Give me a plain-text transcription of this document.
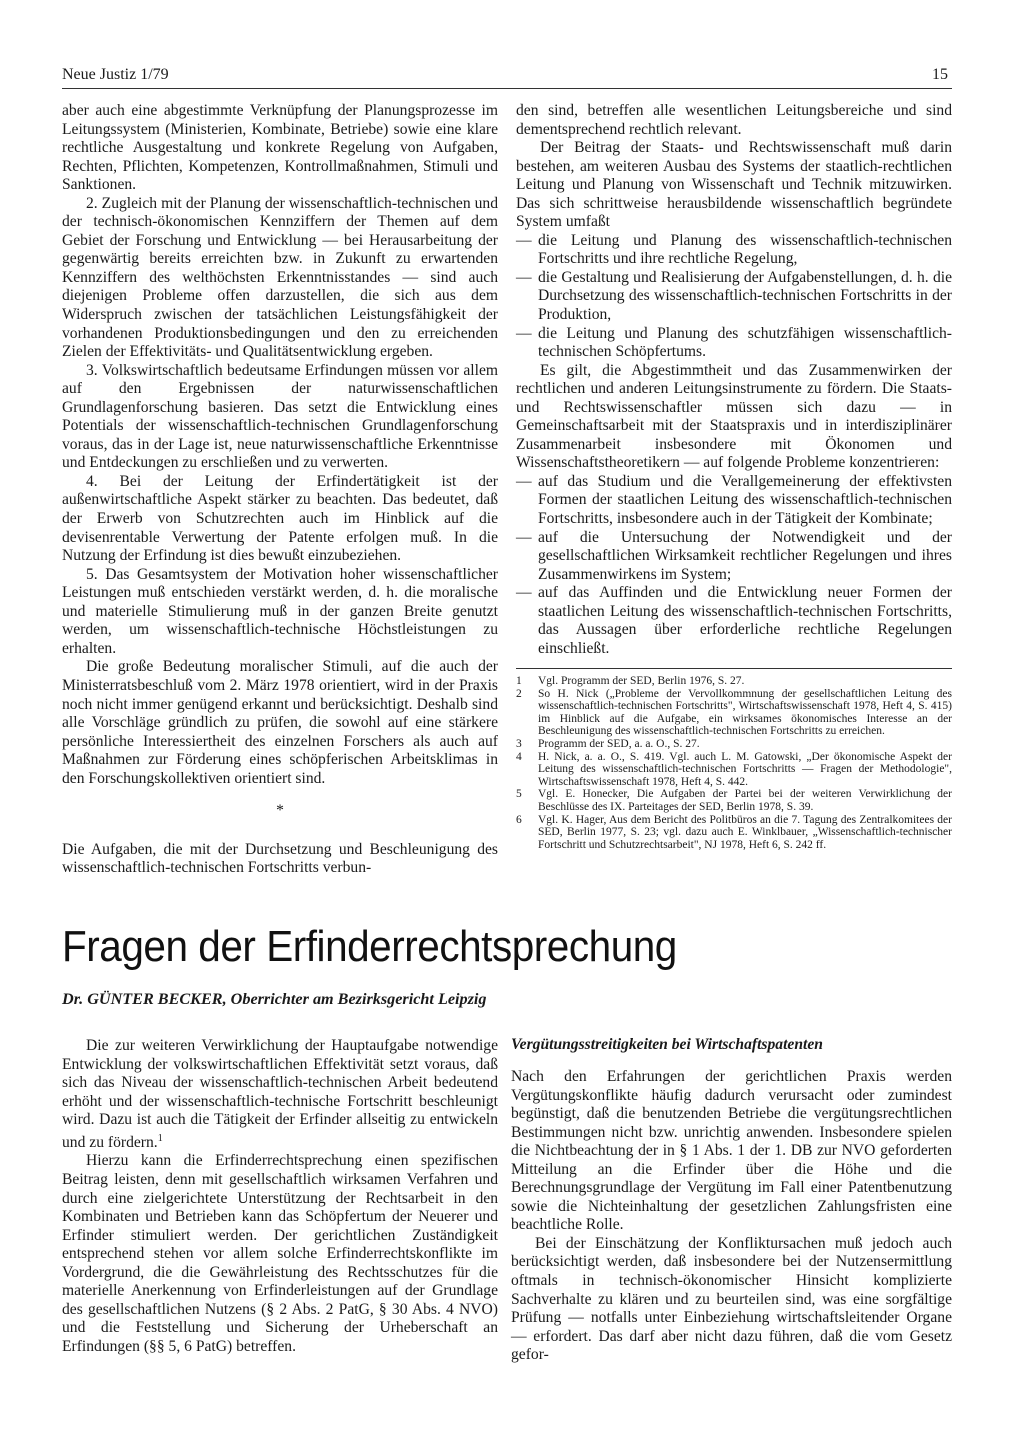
Neue Justiz 1/79	15

aber auch eine abgestimmte Verknüpfung der Planungsprozesse im Leitungssystem (Ministerien, Kombinate, Betriebe) sowie eine klare rechtliche Ausgestaltung und konkrete Regelung von Aufgaben, Rechten, Pflichten, Kompetenzen, Kontrollmaßnahmen, Stimuli und Sanktionen.

2. Zugleich mit der Planung der wissenschaftlich-technischen und der technisch-ökonomischen Kennziffern der Themen auf dem Gebiet der Forschung und Entwicklung — bei Herausarbeitung der gegenwärtig bereits erreichten bzw. in Zukunft zu erwartenden Kennziffern des welthöchsten Erkenntnisstandes — sind auch diejenigen Probleme offen darzustellen, die sich aus dem Widerspruch zwischen der tatsächlichen Leistungsfähigkeit der vorhandenen Produktionsbedingungen und den zu erreichenden Zielen der Effektivitäts- und Qualitätsentwicklung ergeben.

3. Volkswirtschaftlich bedeutsame Erfindungen müssen vor allem auf den Ergebnissen der naturwissenschaftlichen Grundlagenforschung basieren. Das setzt die Entwicklung eines Potentials der wissenschaftlich-technischen Grundlagenforschung voraus, das in der Lage ist, neue naturwissenschaftliche Erkenntnisse und Entdeckungen zu erschließen und zu verwerten.

4. Bei der Leitung der Erfindertätigkeit ist der außenwirtschaftliche Aspekt stärker zu beachten. Das bedeutet, daß der Erwerb von Schutzrechten auch im Hinblick auf die devisenrentable Verwertung der Patente erfolgen muß. In die Nutzung der Erfindung ist dies bewußt einzubeziehen.

5. Das Gesamtsystem der Motivation hoher wissenschaftlicher Leistungen muß entschieden verstärkt werden, d. h. die moralische und materielle Stimulierung muß in der ganzen Breite genutzt werden, um wissenschaftlich-technische Höchstleistungen zu erhalten.

Die große Bedeutung moralischer Stimuli, auf die auch der Ministerratsbeschluß vom 2. März 1978 orientiert, wird in der Praxis noch nicht immer genügend erkannt und berücksichtigt. Deshalb sind alle Vorschläge gründlich zu prüfen, die sowohl auf eine stärkere persönliche Interessiertheit des einzelnen Forschers als auch auf Maßnahmen zur Förderung eines schöpferischen Arbeitsklimas in den Forschungskollektiven orientiert sind.

*

Die Aufgaben, die mit der Durchsetzung und Beschleunigung des wissenschaftlich-technischen Fortschritts verbun-

den sind, betreffen alle wesentlichen Leitungsbereiche und sind dementsprechend rechtlich relevant.

Der Beitrag der Staats- und Rechtswissenschaft muß darin bestehen, am weiteren Ausbau des Systems der staatlich-rechtlichen Leitung und Planung von Wissenschaft und Technik mitzuwirken. Das sich schrittweise herausbildende wissenschaftlich begründete System umfaßt

— die Leitung und Planung des wissenschaftlich-technischen Fortschritts und ihre rechtliche Regelung,
— die Gestaltung und Realisierung der Aufgabenstellungen, d. h. die Durchsetzung des wissenschaftlich-technischen Fortschritts in der Produktion,
— die Leitung und Planung des schutzfähigen wissenschaftlich-technischen Schöpfertums.

Es gilt, die Abgestimmtheit und das Zusammenwirken der rechtlichen und anderen Leitungsinstrumente zu fördern. Die Staats- und Rechtswissenschaftler müssen sich dazu — in Gemeinschaftsarbeit mit der Staatspraxis und in interdisziplinärer Zusammenarbeit insbesondere mit Ökonomen und Wissenschaftstheoretikern — auf folgende Probleme konzentrieren:

— auf das Studium und die Verallgemeinerung der effektivsten Formen der staatlichen Leitung des wissenschaftlich-technischen Fortschritts, insbesondere auch in der Tätigkeit der Kombinate;
— auf die Untersuchung der Notwendigkeit und der gesellschaftlichen Wirksamkeit rechtlicher Regelungen und ihres Zusammenwirkens im System;
— auf das Auffinden und die Entwicklung neuer Formen der staatlichen Leitung des wissenschaftlich-technischen Fortschritts, das Aussagen über erforderliche rechtliche Regelungen einschließt.
1 Vgl. Programm der SED, Berlin 1976, S. 27.
2 So H. Nick („Probleme der Vervollkommnung der gesellschaftlichen Leitung des wissenschaftlich-technischen Fortschritts", Wirtschaftswissenschaft 1978, Heft 4, S. 415) im Hinblick auf die Aufgabe, ein wirksames ökonomisches Interesse an der Beschleunigung des wissenschaftlich-technischen Fortschritts zu erreichen.
3 Programm der SED, a. a. O., S. 27.
4 H. Nick, a. a. O., S. 419. Vgl. auch L. M. Gatowski, „Der ökonomische Aspekt der Leitung des wissenschaftlich-technischen Fortschritts — Fragen der Methodologie", Wirtschaftswissenschaft 1978, Heft 4, S. 442.
5 Vgl. E. Honecker, Die Aufgaben der Partei bei der weiteren Verwirklichung der Beschlüsse des IX. Parteitages der SED, Berlin 1978, S. 39.
6 Vgl. K. Hager, Aus dem Bericht des Politbüros an die 7. Tagung des Zentralkomitees der SED, Berlin 1977, S. 23; vgl. dazu auch E. Winklbauer, „Wissenschaftlich-technischer Fortschritt und Schutzrechtsarbeit", NJ 1978, Heft 6, S. 242 ff.
Fragen der Erfinderrechtsprechung
Dr. GÜNTER BECKER, Oberrichter am Bezirksgericht Leipzig

Die zur weiteren Verwirklichung der Hauptaufgabe notwendige Entwicklung der volkswirtschaftlichen Effektivität setzt voraus, daß sich das Niveau der wissenschaftlich-technischen Arbeit bedeutend erhöht und der wissenschaftlich-technische Fortschritt beschleunigt wird. Dazu ist auch die Tätigkeit der Erfinder allseitig zu entwickeln und zu fördern.$^1$

Hierzu kann die Erfinderrechtsprechung einen spezifischen Beitrag leisten, denn mit gesellschaftlich wirksamen Verfahren und durch eine zielgerichtete Unterstützung der Rechtsarbeit in den Kombinaten und Betrieben kann das Schöpfertum der Neuerer und Erfinder stimuliert werden. Der gerichtlichen Zuständigkeit entsprechend stehen vor allem solche Erfinderrechtskonflikte im Vordergrund, die die Gewährleistung des Rechtsschutzes für die materielle Anerkennung von Erfinderleistungen auf der Grundlage des gesellschaftlichen Nutzens (§ 2 Abs. 2 PatG, § 30 Abs. 4 NVO) und die Feststellung und Sicherung der Urheberschaft an Erfindungen (§§ 5, 6 PatG) betreffen.

Vergütungsstreitigkeiten bei Wirtschaftspatenten

Nach den Erfahrungen der gerichtlichen Praxis werden Vergütungskonflikte häufig dadurch verursacht oder zumindest begünstigt, daß die benutzenden Betriebe die vergütungsrechtlichen Bestimmungen nicht bzw. unrichtig anwenden. Insbesondere spielen die Nichtbeachtung der in § 1 Abs. 1 der 1. DB zur NVO geforderten Mitteilung an die Erfinder über die Höhe und die Berechnungsgrundlage der Vergütung im Fall einer Patentbenutzung sowie die Nichteinhaltung der gesetzlichen Zahlungsfristen eine beachtliche Rolle.

Bei der Einschätzung der Konfliktursachen muß jedoch auch berücksichtigt werden, daß insbesondere bei der Nutzensermittlung oftmals in technisch-ökonomischer Hinsicht komplizierte Sachverhalte zu klären und zu beurteilen sind, was eine sorgfältige Prüfung — notfalls unter Einbeziehung wirtschaftsleitender Organe — erfordert. Das darf aber nicht dazu führen, daß die vom Gesetz gefor-
